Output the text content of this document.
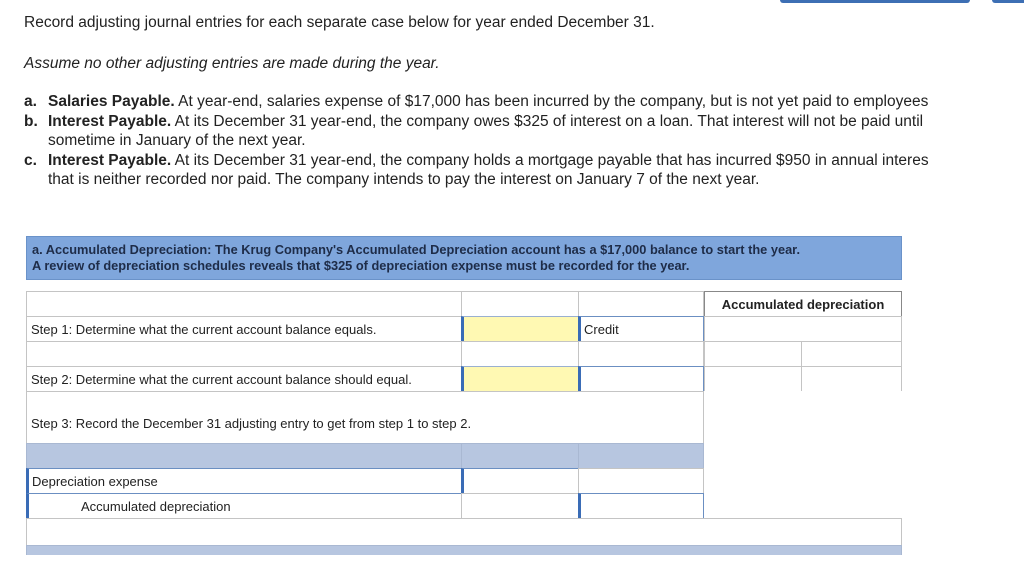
Record adjusting journal entries for each separate case below for year ended December 31.
Assume no other adjusting entries are made during the year.
a. Salaries Payable. At year-end, salaries expense of $17,000 has been incurred by the company, but is not yet paid to employees
b. Interest Payable. At its December 31 year-end, the company owes $325 of interest on a loan. That interest will not be paid until
sometime in January of the next year.
c. Interest Payable. At its December 31 year-end, the company holds a mortgage payable that has incurred $950 in annual interes
that is neither recorded nor paid. The company intends to pay the interest on January 7 of the next year.
a. Accumulated Depreciation: The Krug Company's Accumulated Depreciation account has a $17,000 balance to start the year.
A review of depreciation schedules reveals that $325 of depreciation expense must be recorded for the year.
Accumulated depreciation
Step 1: Determine what the current account balance equals.	Credit
Step 2: Determine what the current account balance should equal.
Step 3: Record the December 31 adjusting entry to get from step 1 to step 2.
Depreciation expense
Accumulated depreciation
